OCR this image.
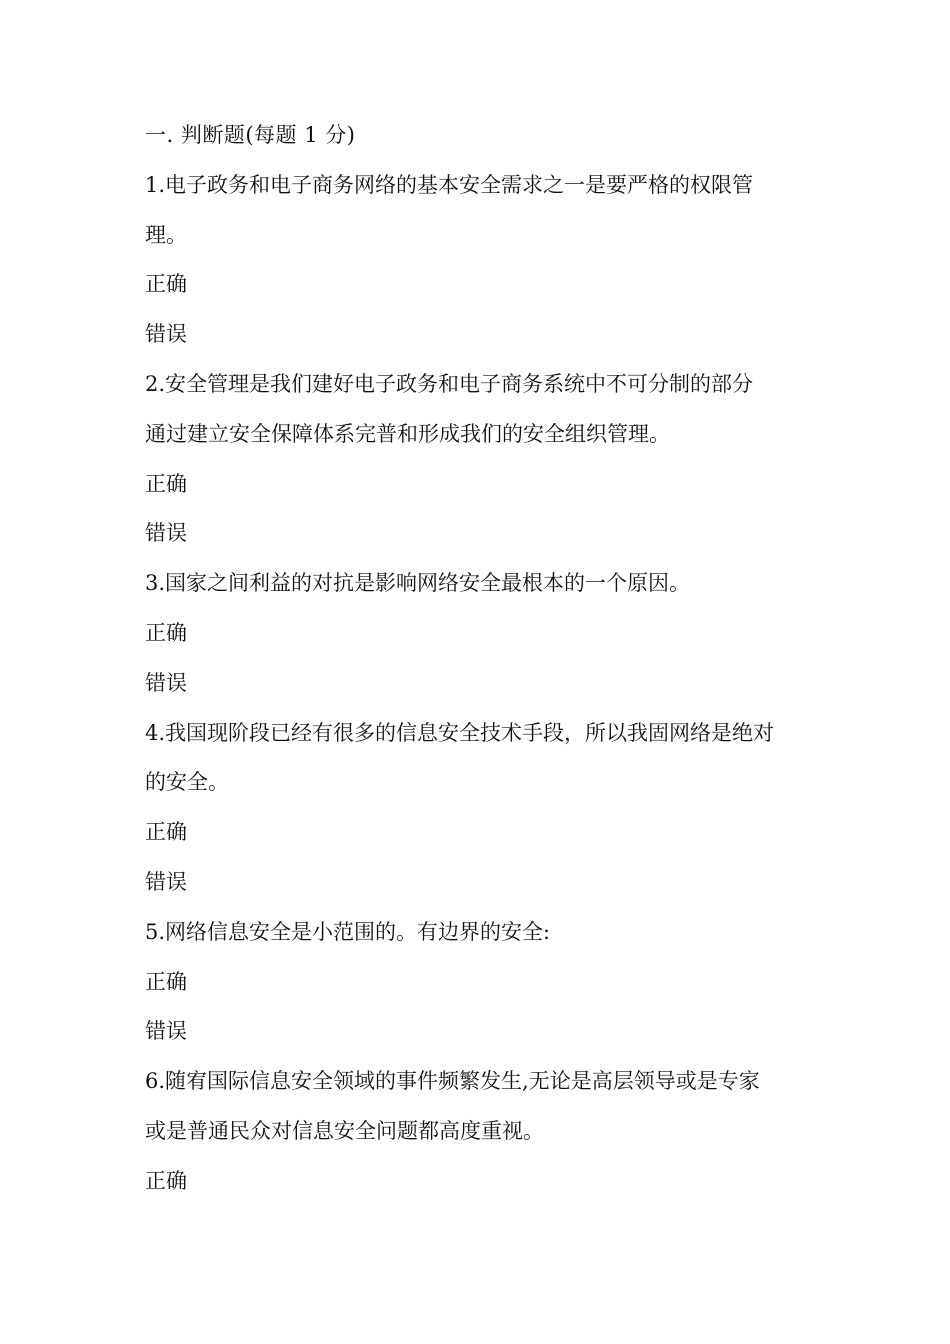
一. 判断题(每题 1 分)
1.电子政务和电子商务网络的基本安全需求之一是要严格的权限管
理。
正确
错误
2.安全管理是我们建好电子政务和电子商务系统中不可分制的部分
通过建立安全保障体系完普和形成我们的安全组织管理。
正确
错误
3.国家之间利益的对抗是影响网络安全最根本的一个原因。
正确
错误
4.我国现阶段已经有很多的信息安全技术手段，所以我固网络是绝对
的安全。
正确
错误
5.网络信息安全是小范围的。有边界的安全:
正确
错误
6.随宥国际信息安全领域的事件频繁发生,无论是高层领导或是专家
或是普通民众对信息安全问题都高度重视。
正确
